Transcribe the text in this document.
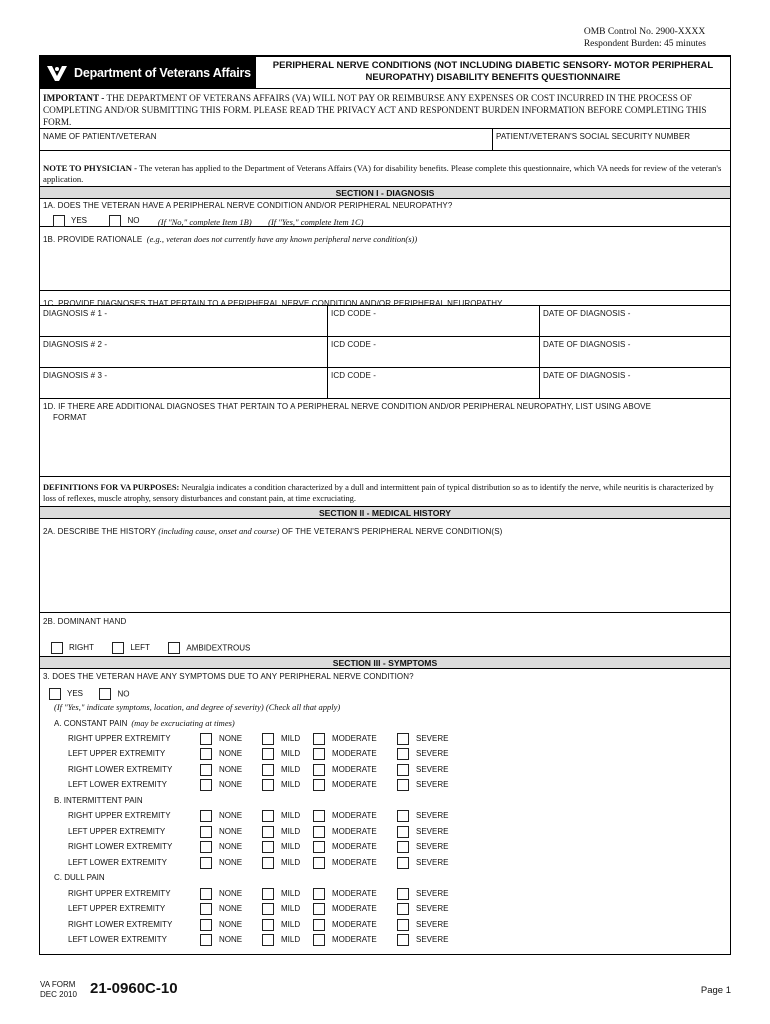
OMB Control No. 2900-XXXX
Respondent Burden: 45 minutes
Department of Veterans Affairs	PERIPHERAL NERVE CONDITIONS (NOT INCLUDING DIABETIC SENSORY- MOTOR PERIPHERAL
NEUROPATHY) DISABILITY BENEFITS QUESTIONNAIRE
IMPORTANT - THE DEPARTMENT OF VETERANS AFFAIRS (VA) WILL NOT PAY OR REIMBURSE ANY EXPENSES OR COST INCURRED IN THE PROCESS OF COMPLETING AND/OR SUBMITTING THIS FORM. PLEASE READ THE PRIVACY ACT AND RESPONDENT BURDEN INFORMATION BEFORE COMPLETING THIS FORM.
NAME OF PATIENT/VETERAN	PATIENT/VETERAN'S SOCIAL SECURITY NUMBER
NOTE TO PHYSICIAN - The veteran has applied to the Department of Veterans Affairs (VA) for disability benefits. Please complete this questionnaire, which VA needs for review of the veteran's application.
SECTION I - DIAGNOSIS
1A. DOES THE VETERAN HAVE A PERIPHERAL NERVE CONDITION AND/OR PERIPHERAL NEUROPATHY?
YES	NO (If "No," complete Item 1B) (If "Yes," complete Item 1C)
1B. PROVIDE RATIONALE (e.g., veteran does not currently have any known peripheral nerve condition(s))
1C. PROVIDE DIAGNOSES THAT PERTAIN TO A PERIPHERAL NERVE CONDITION AND/OR PERIPHERAL NEUROPATHY
DIAGNOSIS # 1 -	ICD CODE -	DATE OF DIAGNOSIS -
DIAGNOSIS # 2 -	ICD CODE -	DATE OF DIAGNOSIS -
DIAGNOSIS # 3 -	ICD CODE -	DATE OF DIAGNOSIS -
1D. IF THERE ARE ADDITIONAL DIAGNOSES THAT PERTAIN TO A PERIPHERAL NERVE CONDITION AND/OR PERIPHERAL NEUROPATHY, LIST USING ABOVE
FORMAT
DEFINITIONS FOR VA PURPOSES: Neuralgia indicates a condition characterized by a dull and intermittent pain of typical distribution so as to identify the nerve, while neuritis is characterized by loss of reflexes, muscle atrophy, sensory disturbances and constant pain, at time excruciating.
SECTION II - MEDICAL HISTORY
2A. DESCRIBE THE HISTORY (including cause, onset and course) OF THE VETERAN'S PERIPHERAL NERVE CONDITION(S)
2B. DOMINANT HAND
RIGHT	LEFT	AMBIDEXTROUS
SECTION III - SYMPTOMS
3. DOES THE VETERAN HAVE ANY SYMPTOMS DUE TO ANY PERIPHERAL NERVE CONDITION?
YES	NO
(If "Yes," indicate symptoms, location, and degree of severity) (Check all that apply)
A. CONSTANT PAIN (may be excruciating at times)
RIGHT UPPER EXTREMITY	NONE	MILD	MODERATE	SEVERE
LEFT UPPER EXTREMITY	NONE	MILD	MODERATE	SEVERE
RIGHT LOWER EXTREMITY	NONE	MILD	MODERATE	SEVERE
LEFT LOWER EXTREMITY	NONE	MILD	MODERATE	SEVERE
B. INTERMITTENT PAIN
RIGHT UPPER EXTREMITY	NONE	MILD	MODERATE	SEVERE
LEFT UPPER EXTREMITY	NONE	MILD	MODERATE	SEVERE
RIGHT LOWER EXTREMITY	NONE	MILD	MODERATE	SEVERE
LEFT LOWER EXTREMITY	NONE	MILD	MODERATE	SEVERE
C. DULL PAIN
RIGHT UPPER EXTREMITY	NONE	MILD	MODERATE	SEVERE
LEFT UPPER EXTREMITY	NONE	MILD	MODERATE	SEVERE
RIGHT LOWER EXTREMITY	NONE	MILD	MODERATE	SEVERE
LEFT LOWER EXTREMITY	NONE	MILD	MODERATE	SEVERE
VA FORM
DEC 2010 21-0960C-10	Page 1
